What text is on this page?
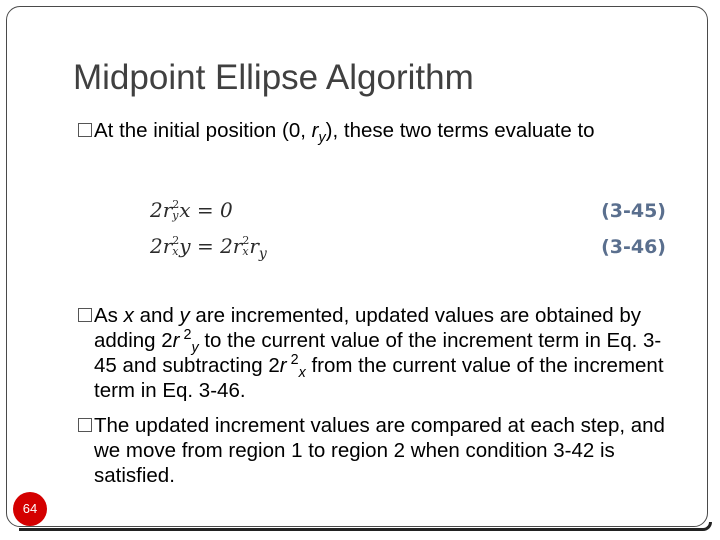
Midpoint Ellipse Algorithm
At the initial position (0, $r_y$), these two terms evaluate to
2r 2
y x = 0	(3-45)
2r 2
x y = 2r 2
x $r_y$	(3-46)
As x and y are incremented, updated values are obtained by adding 2r $^2_y$ to the current value of the increment term in Eq. 3-45 and subtracting 2r $^2_x$ from the current value of the increment term in Eq. 3-46.
The updated increment values are compared at each step, and we move from region 1 to region 2 when condition 3-42 is satisfied.
64
